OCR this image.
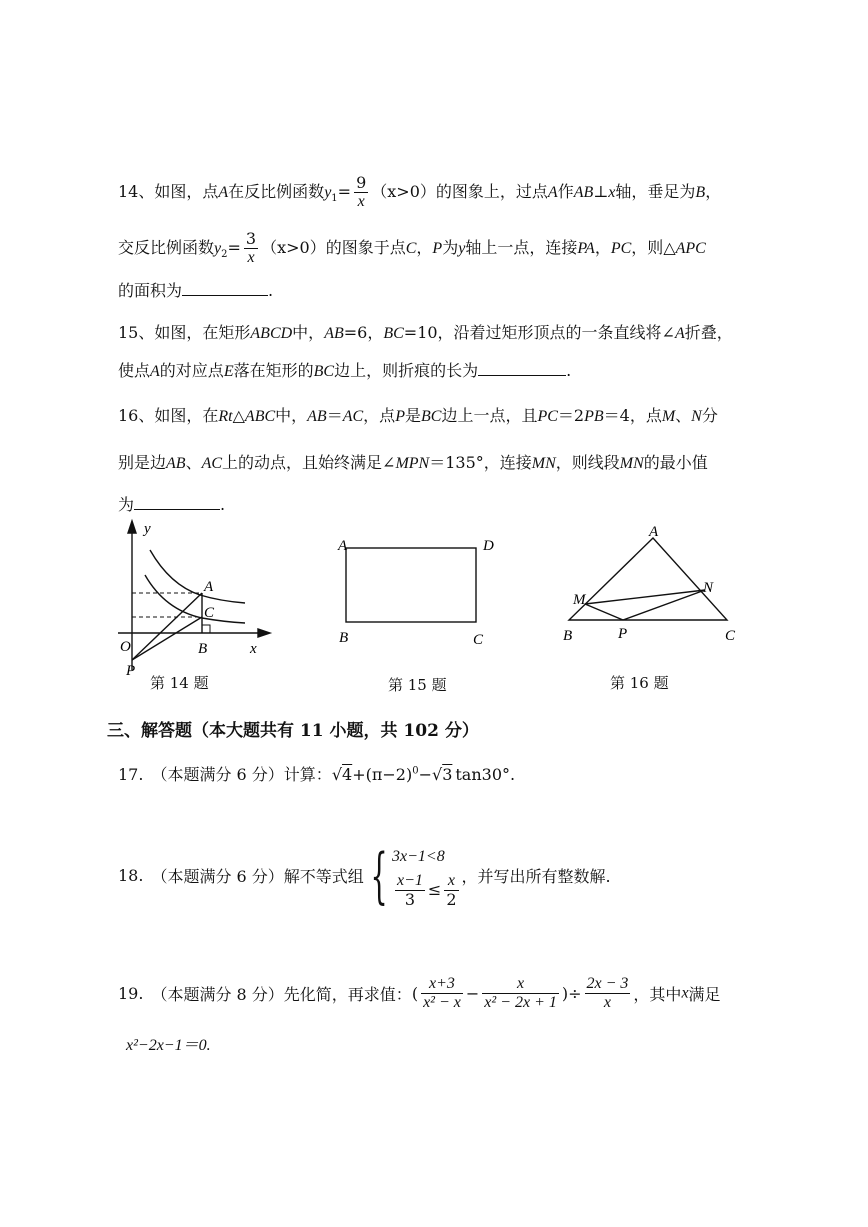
14、如图，点A在反比例函数$y_1= \frac{9}{x} (x>0)$的图象上，过点A作AB⊥x轴，垂足为B，
交反比例函数$y_2= \frac{3}{x} (x>0)$的图象于点C，P为y轴上一点，连接PA，PC，则△APC
的面积为	.
15、如图，在矩形ABCD中，AB=6，BC=10，沿着过矩形顶点的一条直线将∠A折叠，
使点A的对应点E落在矩形的BC边上，则折痕的长为	.
16、如图，在Rt△ABC中，AB＝AC，点P是BC边上一点，且PC＝2PB＝4，点M、N分
别是边AB、AC上的动点，且始终满足∠MPN＝135°，连接MN，则线段MN的最小值
为	.
y
A
C
O	B	x
P
第 14 题
A	D
B	C
第 15 题
A
M
N
B	P	C
第 16 题
三、解答题（本大题共有 11 小题，共 102 分）
17. （本题满分 6 分）计算：$√4+(\pi-2)^0-√3$ tan30°.
18. （本题满分 6 分）解不等式组 { 3x−1<8
$\frac{x-1}{3} \le \frac{x}{2}$ ，并写出所有整数解.
19. （本题满分 8 分）先化简，再求值：( $\frac{x+3}{\text{x² − x}} - \frac{x}{\text{x² − 2x + 1}}$ )÷ $\frac{2x - 3}{x}$ ，其中x满足
x²−2x−1＝0.
